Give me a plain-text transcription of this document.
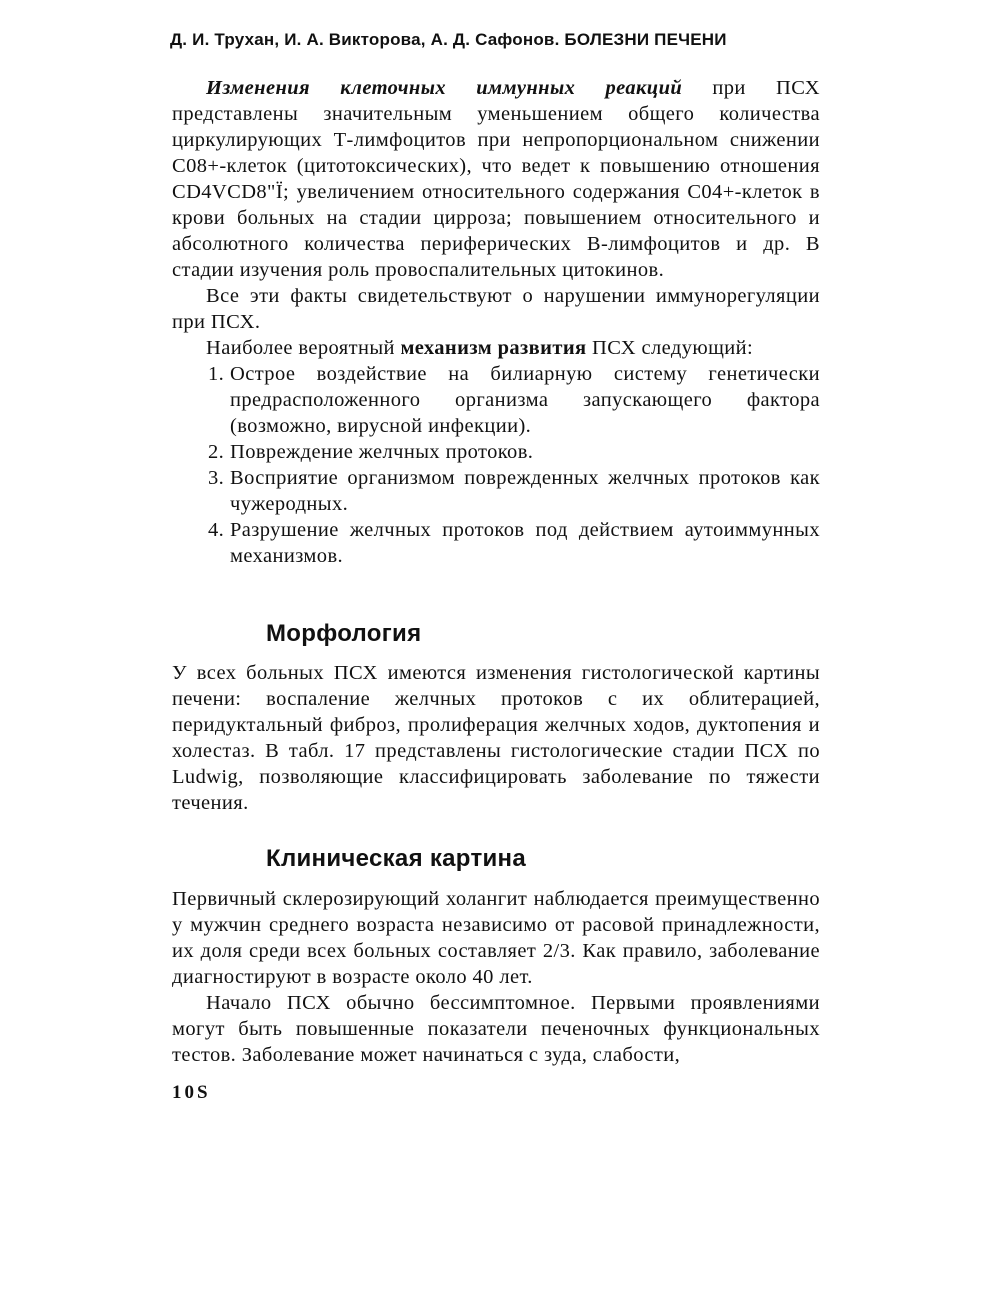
Д. И. Трухан, И. А. Викторова, А. Д. Сафонов. БОЛЕЗНИ ПЕЧЕНИ

Изменения клеточных иммунных реакций при ПСХ представлены значительным уменьшением общего количества циркулирующих Т-лимфоцитов при непропорциональном снижении С08+-клеток (цитотоксических), что ведет к повышению отношения CD4VCD8"Ї; увеличением относительного содержания С04+-клеток в крови больных на стадии цирроза; повышением относительного и абсолютного количества периферических В-лимфоцитов и др. В стадии изучения роль провоспалительных цитокинов.

Все эти факты свидетельствуют о нарушении иммунорегуляции при ПСХ.

Наиболее вероятный механизм развития ПСХ следующий:

1. Острое воздействие на билиарную систему генетически предрасположенного организма запускающего фактора (возможно, вирусной инфекции).
2. Повреждение желчных протоков.
3. Восприятие организмом поврежденных желчных протоков как чужеродных.
4. Разрушение желчных протоков под действием аутоиммунных механизмов.
Морфология

У всех больных ПСХ имеются изменения гистологической картины печени: воспаление желчных протоков с их облитерацией, перидуктальный фиброз, пролиферация желчных ходов, дуктопения и холестаз. В табл. 17 представлены гистологические стадии ПСХ по Ludwig, позволяющие классифицировать заболевание по тяжести течения.

Клиническая картина

Первичный склерозирующий холангит наблюдается преимущественно у мужчин среднего возраста независимо от расовой принадлежности, их доля среди всех больных составляет 2/3. Как правило, заболевание диагностируют в возрасте около 40 лет.

Начало ПСХ обычно бессимптомное. Первыми проявлениями могут быть повышенные показатели печеночных функциональных тестов. Заболевание может начинаться с зуда, слабости,

10S
